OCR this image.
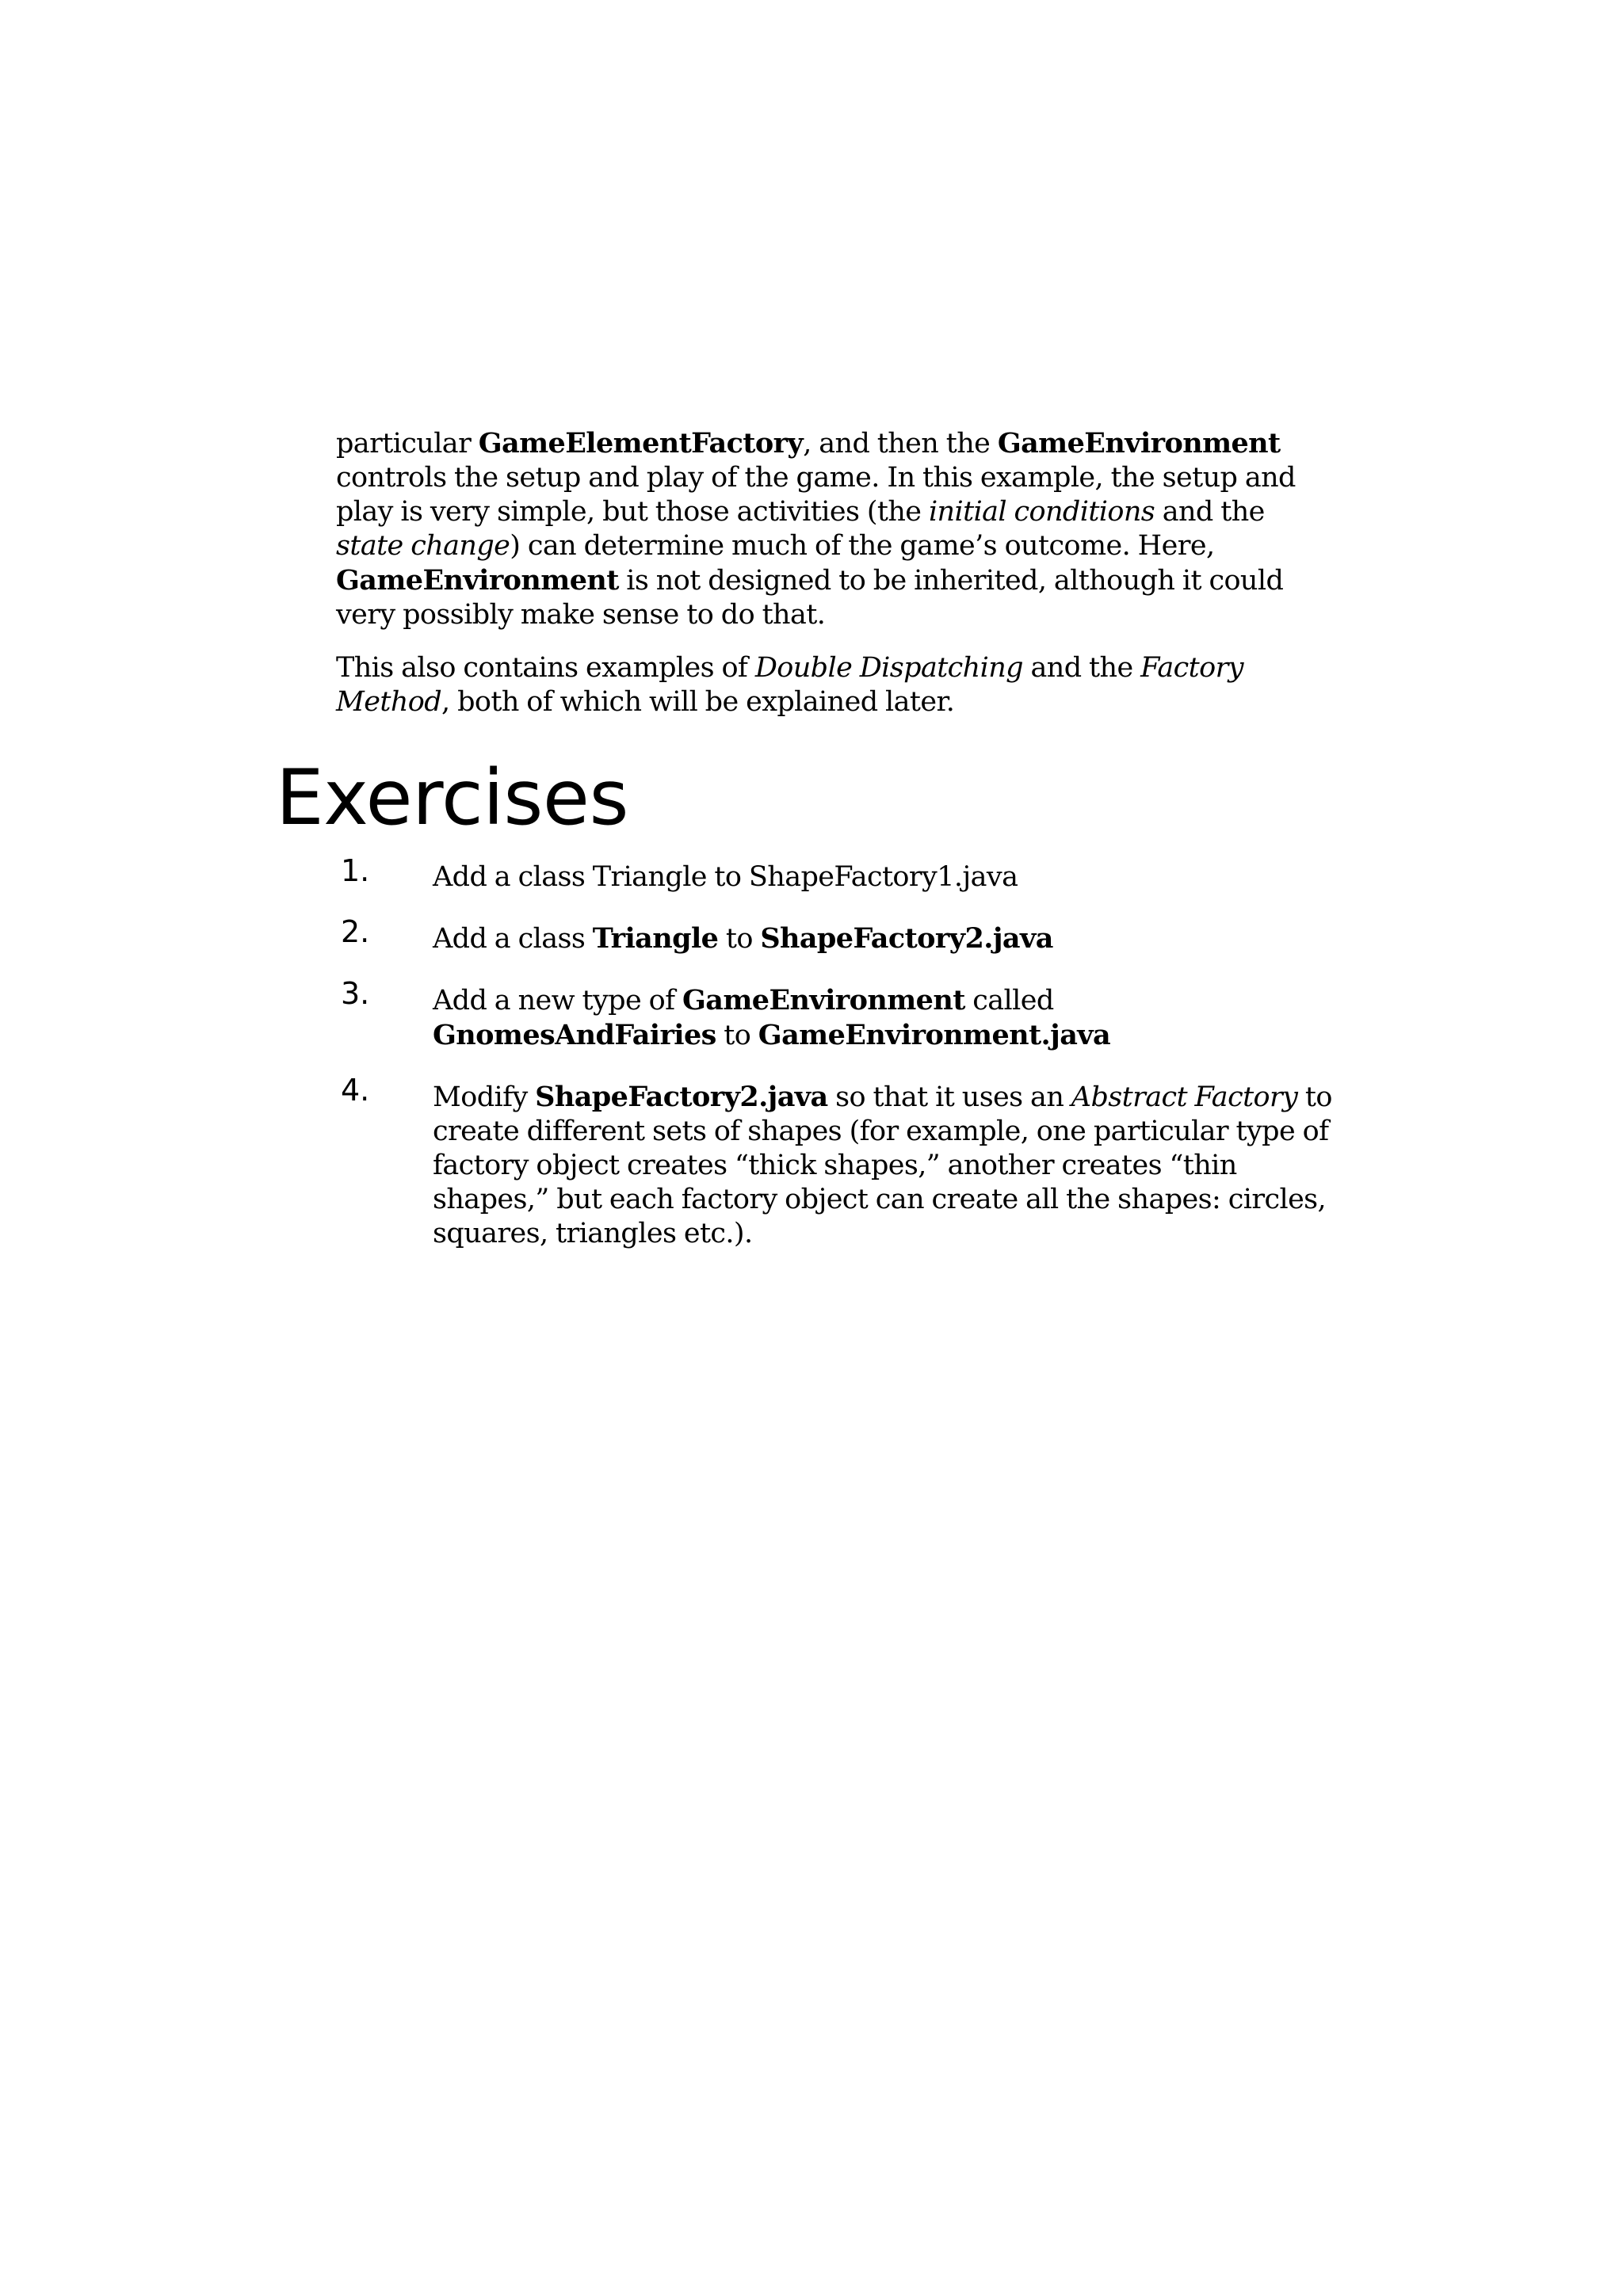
particular GameElementFactory, and then the GameEnvironment controls the setup and play of the game. In this example, the setup and play is very simple, but those activities (the initial conditions and the state change) can determine much of the game’s outcome. Here, GameEnvironment is not designed to be inherited, although it could very possibly make sense to do that.

This also contains examples of Double Dispatching and the Factory Method, both of which will be explained later.

Exercises
1. Add a class Triangle to ShapeFactory1.java
2. Add a class Triangle to ShapeFactory2.java
3. Add a new type of GameEnvironment called
GnomesAndFairies to GameEnvironment.java
4. Modify ShapeFactory2.java so that it uses an Abstract Factory to create different sets of shapes (for example, one particular type of factory object creates “thick shapes,” another creates “thin shapes,” but each factory object can create all the shapes: circles, squares, triangles etc.).
